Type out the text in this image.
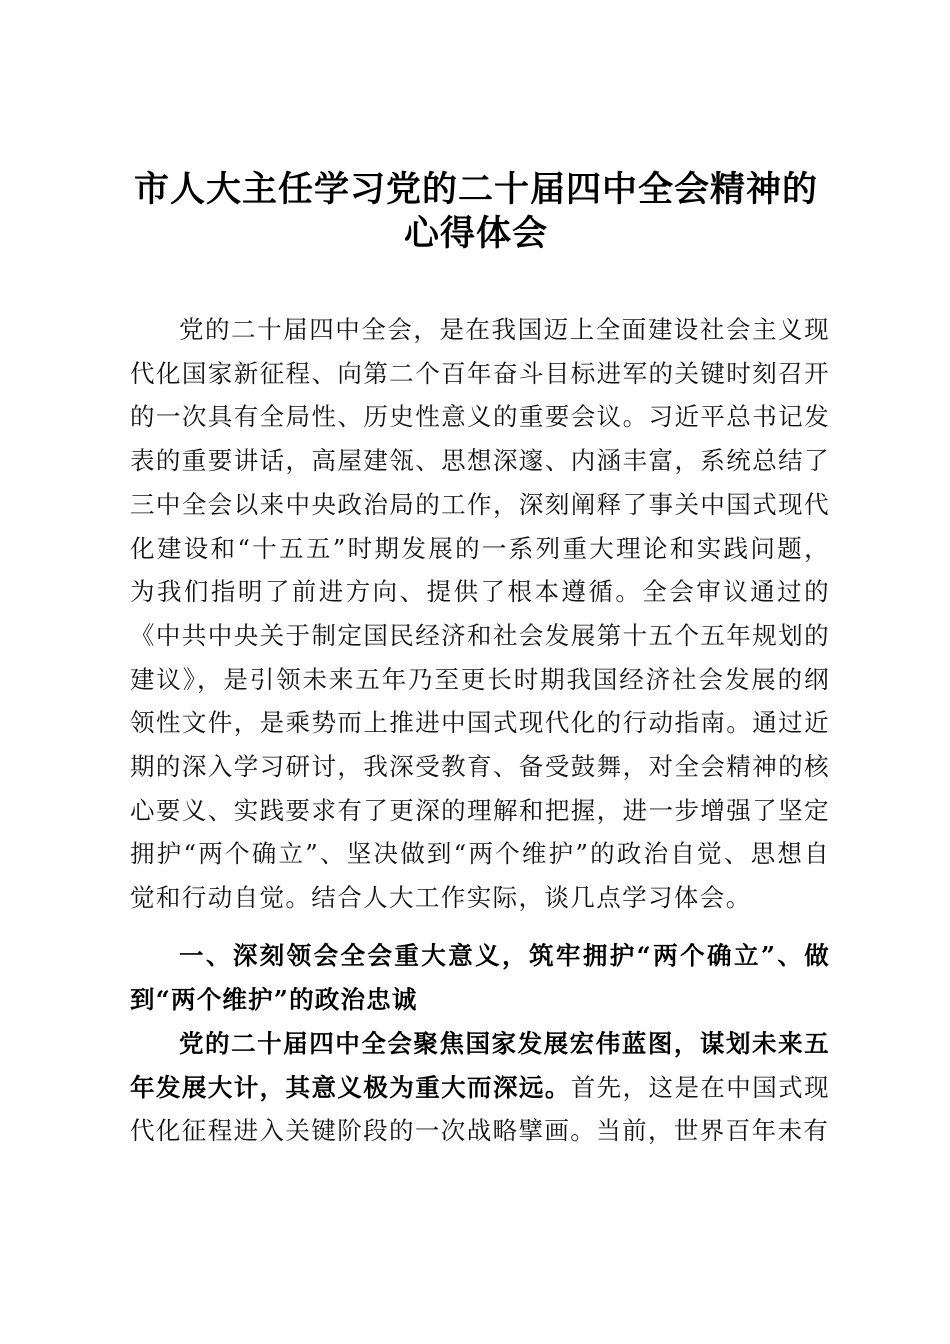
市人大主任学习党的二十届四中全会精神的心得体会

党的二十届四中全会，是在我国迈上全面建设社会主义现代化国家新征程、向第二个百年奋斗目标进军的关键时刻召开的一次具有全局性、历史性意义的重要会议。习近平总书记发表的重要讲话，高屋建瓴、思想深邃、内涵丰富，系统总结了三中全会以来中央政治局的工作，深刻阐释了事关中国式现代化建设和“十五五”时期发展的一系列重大理论和实践问题，为我们指明了前进方向、提供了根本遵循。全会审议通过的《中共中央关于制定国民经济和社会发展第十五个五年规划的建议》，是引领未来五年乃至更长时期我国经济社会发展的纲领性文件，是乘势而上推进中国式现代化的行动指南。通过近期的深入学习研讨，我深受教育、备受鼓舞，对全会精神的核心要义、实践要求有了更深的理解和把握，进一步增强了坚定拥护“两个确立”、坚决做到“两个维护”的政治自觉、思想自觉和行动自觉。结合人大工作实际，谈几点学习体会。

一、深刻领会全会重大意义，筑牢拥护“两个确立”、做到“两个维护”的政治忠诚

党的二十届四中全会聚焦国家发展宏伟蓝图，谋划未来五年发展大计，其意义极为重大而深远。首先，这是在中国式现代化征程进入关键阶段的一次战略擘画。当前，世界百年未有
